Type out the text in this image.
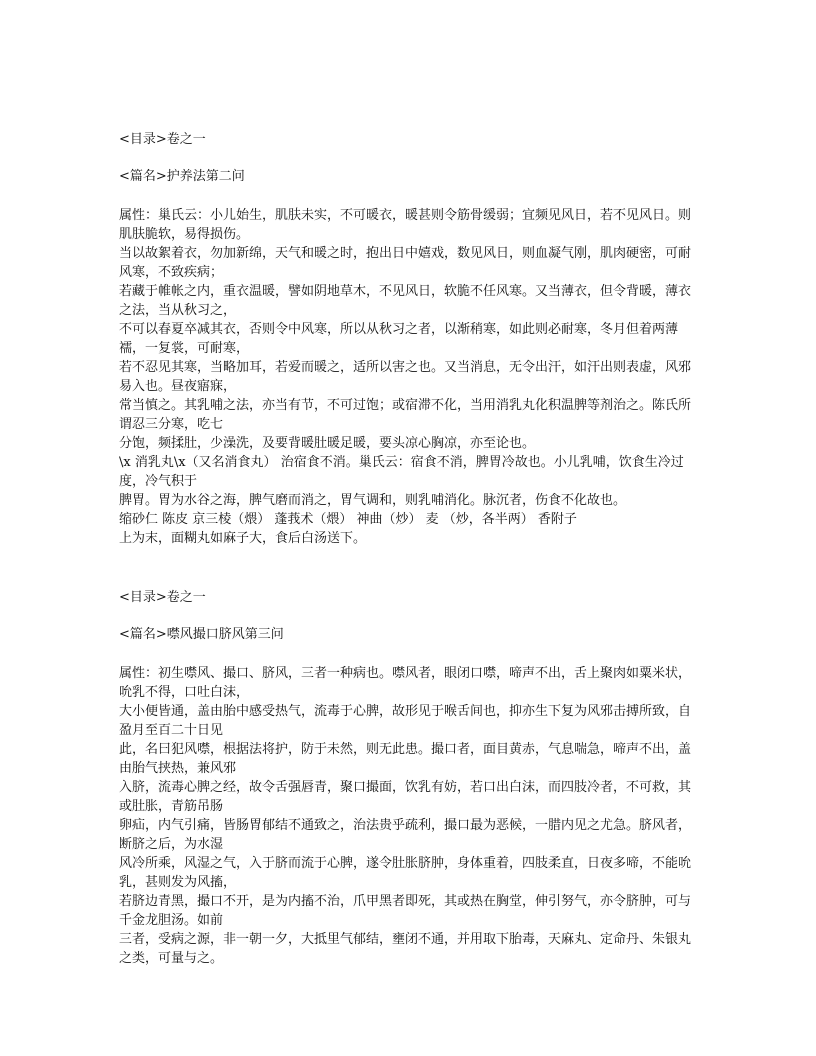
<目录>卷之一

<篇名>护养法第二问

属性：巢氏云：小儿始生，肌肤未实，不可暖衣，暖甚则令筋骨缓弱；宜频见风日，若不见风日。则肌肤脆软，易得损伤。

当以故絮着衣，勿加新绵，天气和暖之时，抱出日中嬉戏，数见风日，则血凝气刚，肌肉硬密，可耐风寒，不致疾病；

若藏于帷帐之内，重衣温暖，譬如阴地草木，不见风日，软脆不任风寒。又当薄衣，但令背暖，薄衣之法，当从秋习之，

不可以春夏卒减其衣，否则令中风寒，所以从秋习之者，以渐稍寒，如此则必耐寒，冬月但着两薄襦，一复裳，可耐寒，

若不忍见其寒，当略加耳，若爱而暖之，适所以害之也。又当消息，无令出汗，如汗出则表虚，风邪易入也。昼夜寤寐，

常当慎之。其乳哺之法，亦当有节，不可过饱；或宿滞不化，当用消乳丸化积温脾等剂治之。陈氏所谓忍三分寒，吃七

分饱，频揉肚，少澡洗，及要背暖肚暖足暖，要头凉心胸凉，亦至论也。

\x 消乳丸\x（又名消食丸） 治宿食不消。巢氏云：宿食不消，脾胃冷故也。小儿乳哺，饮食生冷过度，冷气积于

脾胃。胃为水谷之海，脾气磨而消之，胃气调和，则乳哺消化。脉沉者，伤食不化故也。

缩砂仁 陈皮 京三棱（煨） 蓬莪术（煨） 神曲（炒） 麦 （炒，各半两） 香附子

上为末，面糊丸如麻子大，食后白汤送下。

<目录>卷之一

<篇名>噤风撮口脐风第三问

属性：初生噤风、撮口、脐风，三者一种病也。噤风者，眼闭口噤，啼声不出，舌上聚肉如粟米状，吮乳不得，口吐白沫，

大小便皆通，盖由胎中感受热气，流毒于心脾，故形见于喉舌间也，抑亦生下复为风邪击搏所致，自盈月至百二十日见

此，名曰犯风噤，根据法将护，防于未然，则无此患。撮口者，面目黄赤，气息喘急，啼声不出，盖由胎气挟热，兼风邪

入脐，流毒心脾之经，故令舌强唇青，聚口撮面，饮乳有妨，若口出白沫，而四肢冷者，不可救，其或肚胀，青筋吊肠

卵疝，内气引痛，皆肠胃郁结不通致之，治法贵乎疏利，撮口最为恶候，一腊内见之尤急。脐风者，断脐之后，为水湿

风冷所乘，风湿之气，入于脐而流于心脾，遂令肚胀脐肿，身体重着，四肢柔直，日夜多啼，不能吮乳，甚则发为风搐，

若脐边青黑，撮口不开，是为内搐不治，爪甲黑者即死，其或热在胸堂，伸引努气，亦令脐肿，可与千金龙胆汤。如前

三者，受病之源，非一朝一夕，大抵里气郁结，壅闭不通，并用取下胎毒，天麻丸、定命丹、朱银丸之类，可量与之。
